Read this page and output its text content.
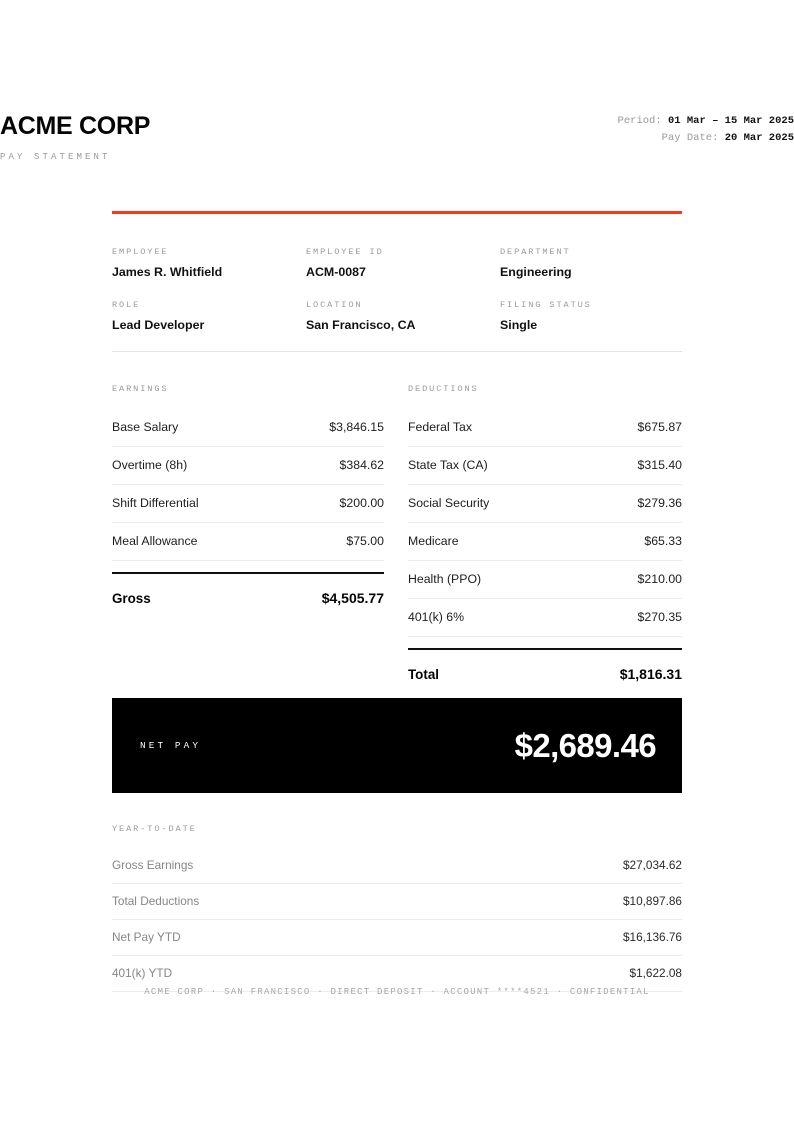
ACME CORP
PAY STATEMENT
Period: 01 Mar – 15 Mar 2025
Pay Date: 20 Mar 2025
EMPLOYEE
James R. Whitfield
EMPLOYEE ID
ACM-0087
DEPARTMENT
Engineering
ROLE
Lead Developer
LOCATION
San Francisco, CA
FILING STATUS
Single
EARNINGS
Base Salary	$3,846.15
Overtime (8h)	$384.62
Shift Differential	$200.00
Meal Allowance	$75.00
Gross	$4,505.77
DEDUCTIONS
Federal Tax	$675.87
State Tax (CA)	$315.40
Social Security	$279.36
Medicare	$65.33
Health (PPO)	$210.00
401(k) 6%	$270.35
Total	$1,816.31
NET PAY	$2,689.46
YEAR-TO-DATE
Gross Earnings	$27,034.62
Total Deductions	$10,897.86
Net Pay YTD	$16,136.76
401(k) YTD	$1,622.08
ACME CORP · SAN FRANCISCO · DIRECT DEPOSIT · ACCOUNT ****4521 · CONFIDENTIAL
